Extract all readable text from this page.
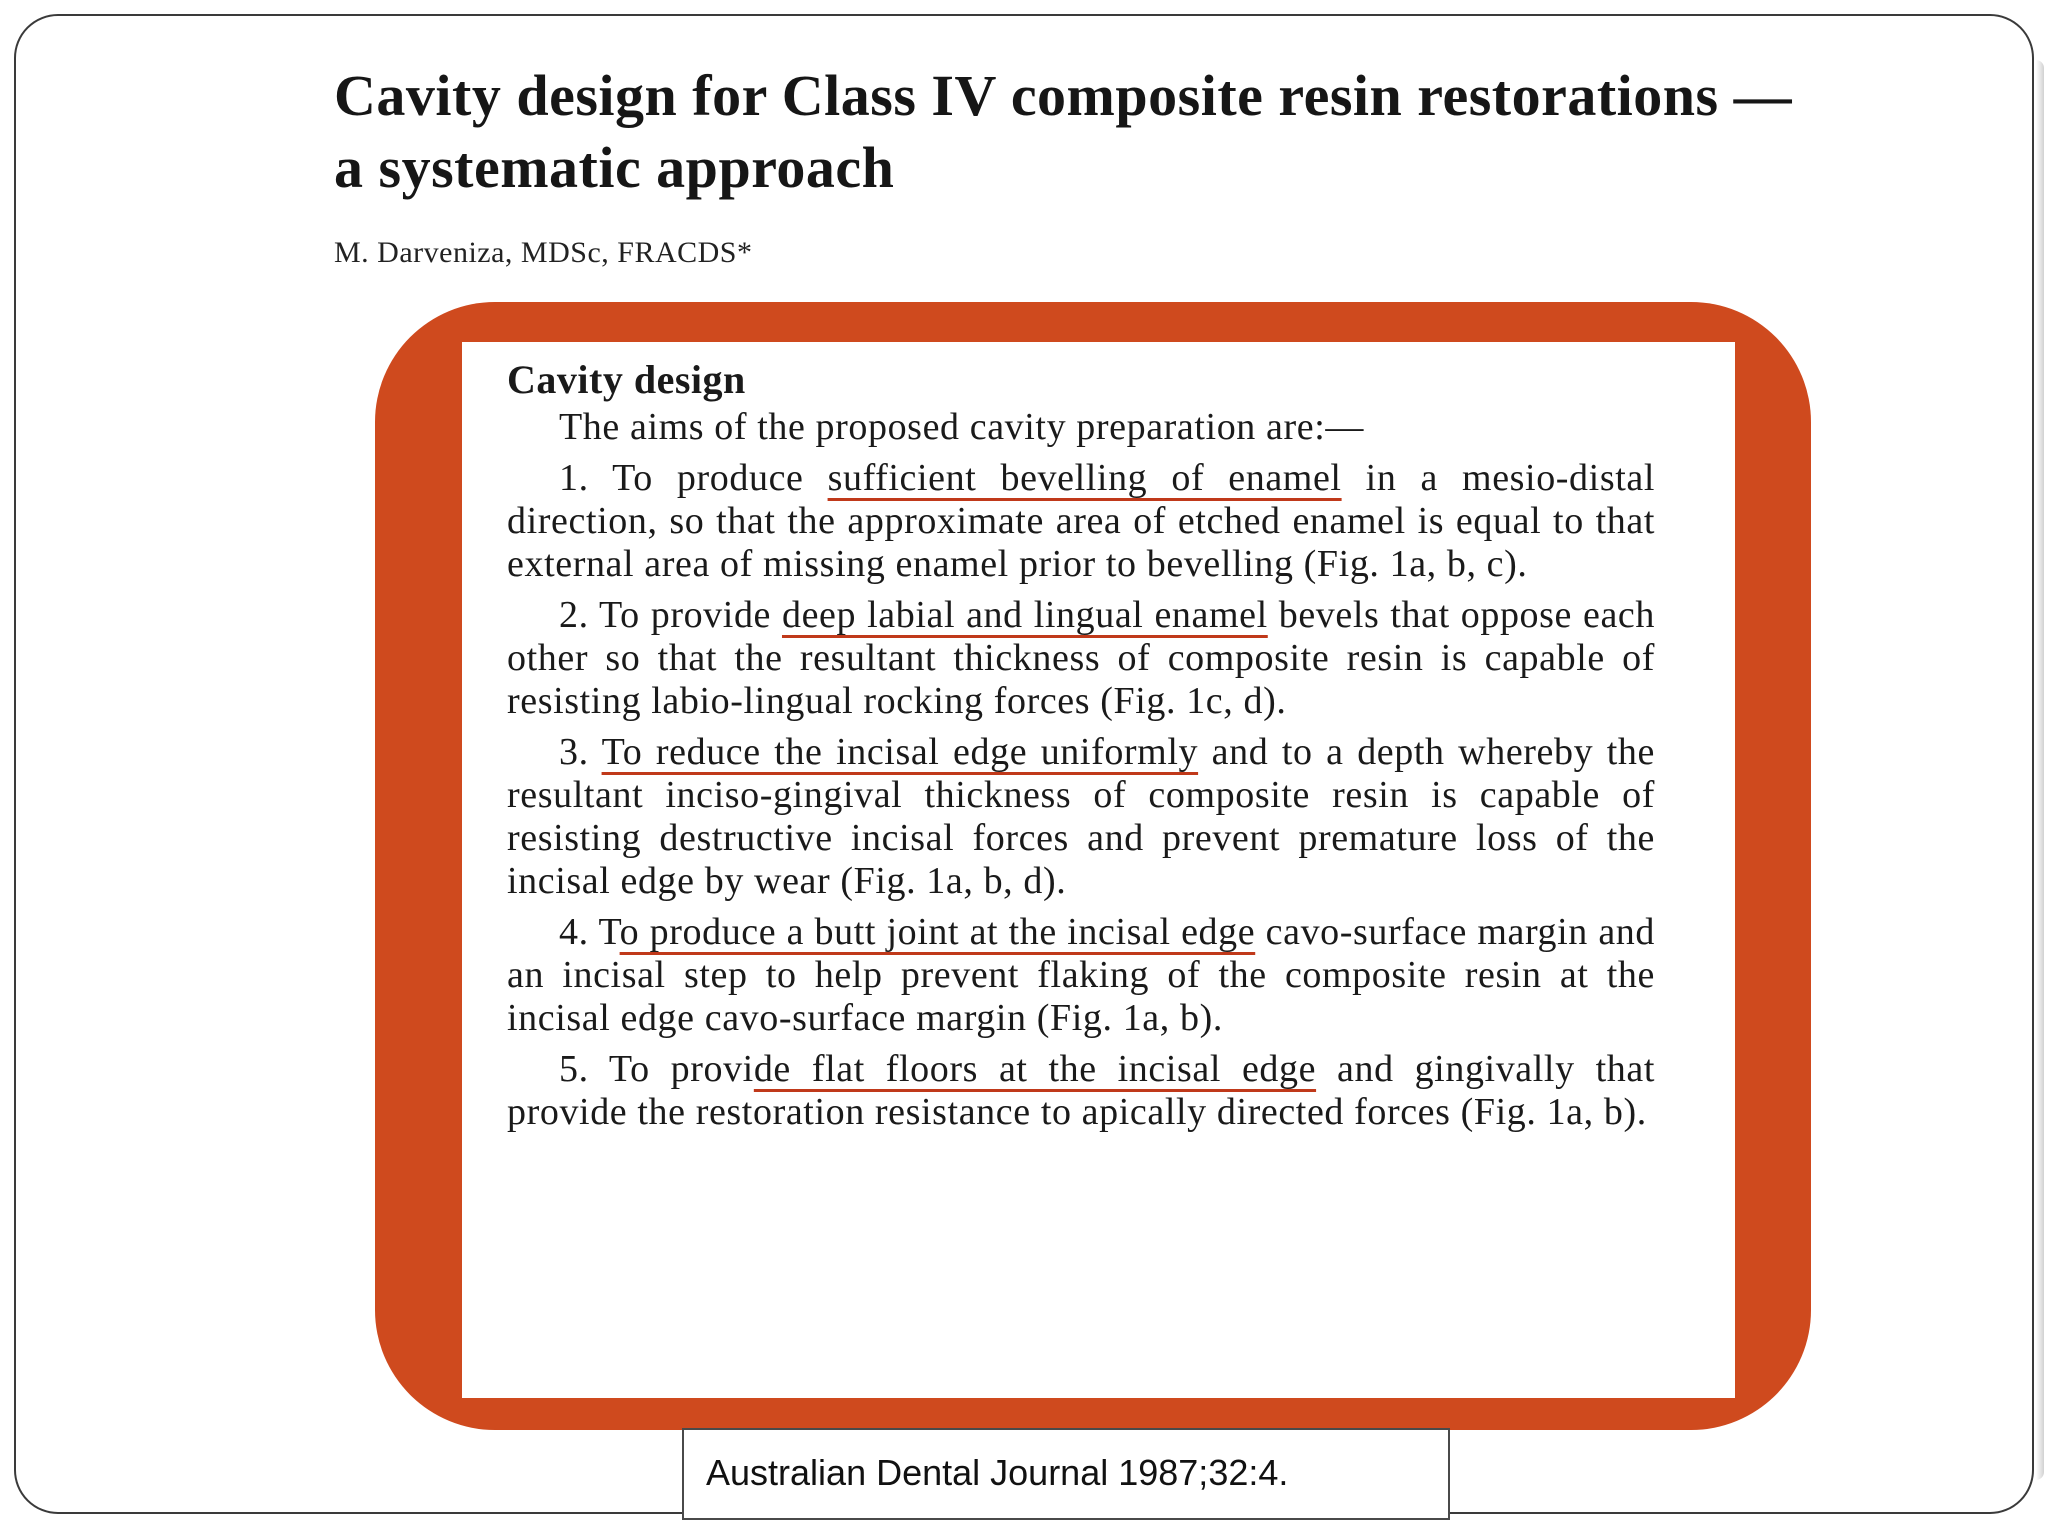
Cavity design for Class IV composite resin restorations — a systematic approach
M. Darveniza, MDSc, FRACDS*
Cavity design

The aims of the proposed cavity preparation are:—

1. To produce sufficient bevelling of enamel in a mesio-distal direction, so that the approximate area of etched enamel is equal to that external area of missing enamel prior to bevelling (Fig. 1a, b, c).

2. To provide deep labial and lingual enamel bevels that oppose each other so that the resultant thickness of composite resin is capable of resisting labio-lingual rocking forces (Fig. 1c, d).

3. To reduce the incisal edge uniformly and to a depth whereby the resultant inciso-gingival thickness of composite resin is capable of resisting destructive incisal forces and prevent premature loss of the incisal edge by wear (Fig. 1a, b, d).

4. To produce a butt joint at the incisal edge cavo-surface margin and an incisal step to help prevent flaking of the composite resin at the incisal edge cavo-surface margin (Fig. 1a, b).

5. To provide flat floors at the incisal edge and gingivally that provide the restoration resistance to apically directed forces (Fig. 1a, b).

Australian Dental Journal 1987;32:4.
